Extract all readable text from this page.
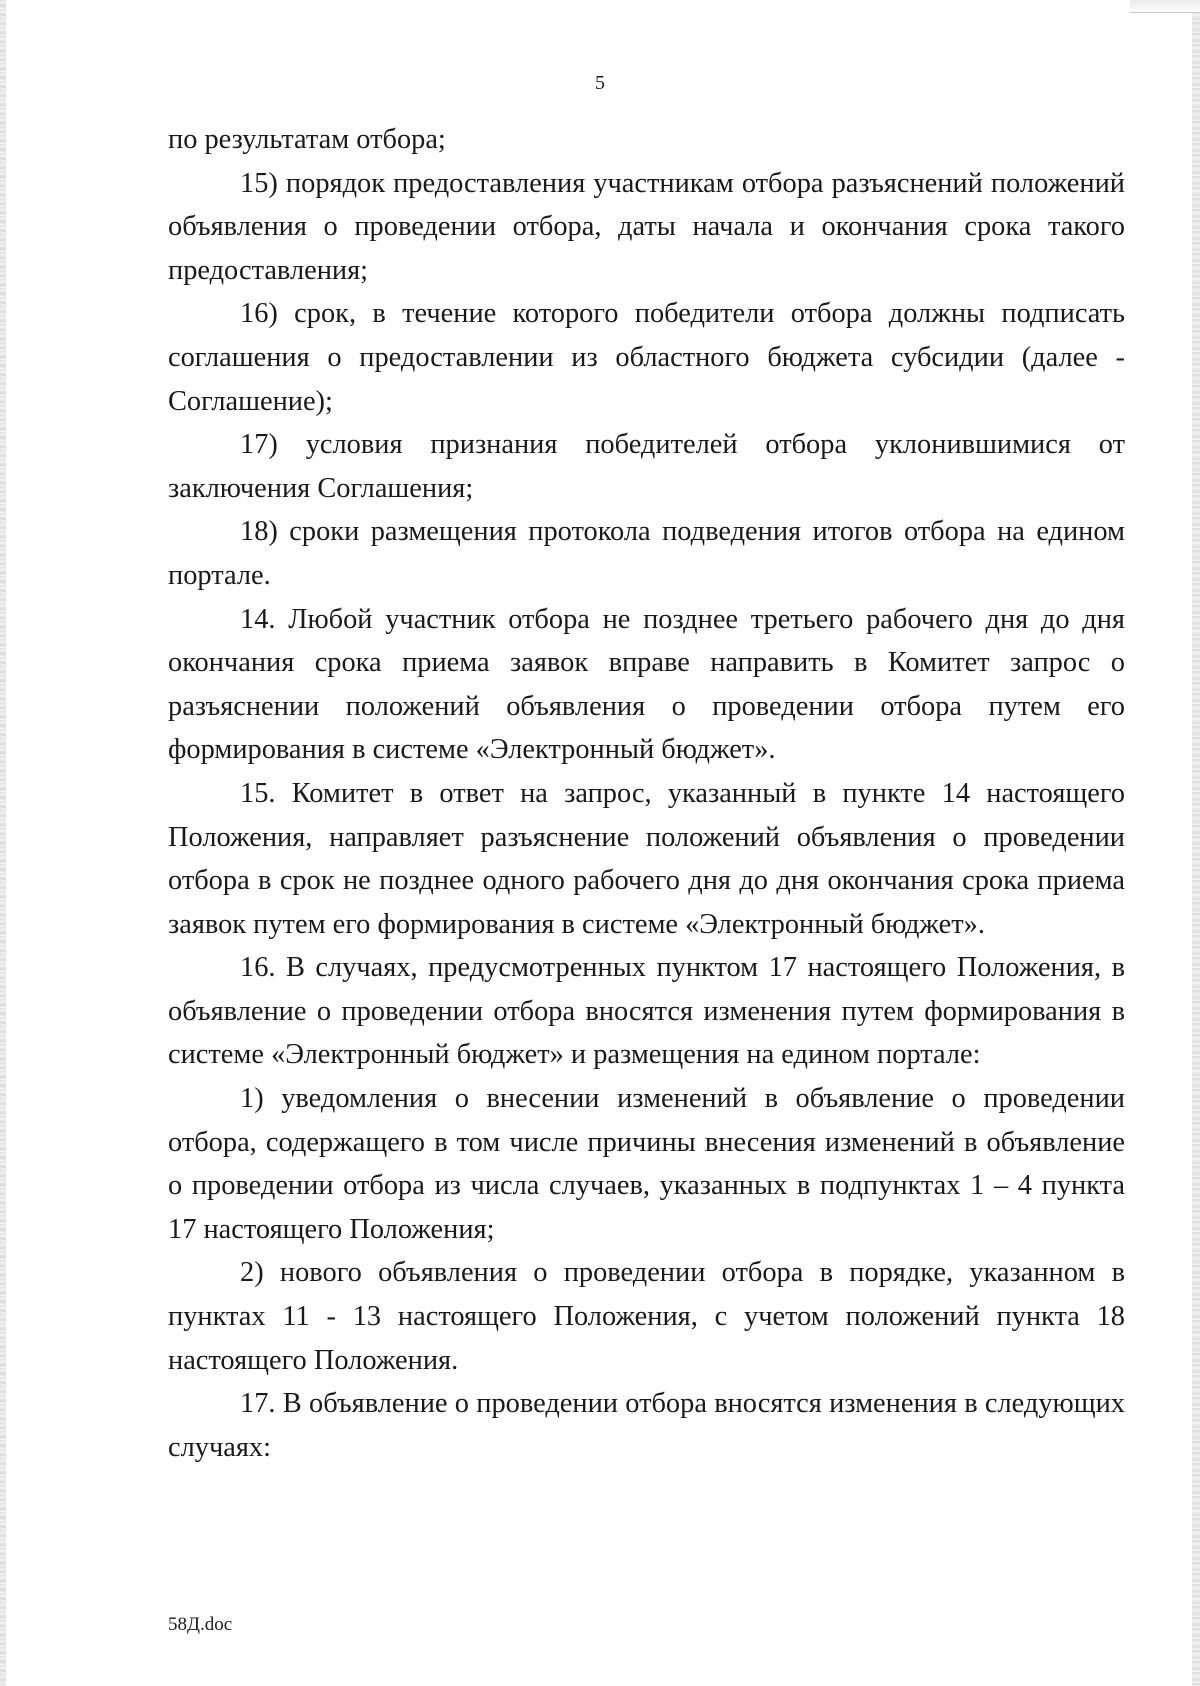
5

по результатам отбора;

15) порядок предоставления участникам отбора разъяснений положений объявления о проведении отбора, даты начала и окончания срока такого предоставления;

16) срок, в течение которого победители отбора должны подписать соглашения о предоставлении из областного бюджета субсидии (далее - Соглашение);

17) условия признания победителей отбора уклонившимися от заключения Соглашения;

18) сроки размещения протокола подведения итогов отбора на едином портале.

14. Любой участник отбора не позднее третьего рабочего дня до дня окончания срока приема заявок вправе направить в Комитет запрос о разъяснении положений объявления о проведении отбора путем его формирования в системе «Электронный бюджет».

15. Комитет в ответ на запрос, указанный в пункте 14 настоящего Положения, направляет разъяснение положений объявления о проведении отбора в срок не позднее одного рабочего дня до дня окончания срока приема заявок путем его формирования в системе «Электронный бюджет».

16. В случаях, предусмотренных пунктом 17 настоящего Положения, в объявление о проведении отбора вносятся изменения путем формирования в системе «Электронный бюджет» и размещения на едином портале:

1) уведомления о внесении изменений в объявление о проведении отбора, содержащего в том числе причины внесения изменений в объявление о проведении отбора из числа случаев, указанных в подпунктах 1 – 4 пункта 17 настоящего Положения;

2) нового объявления о проведении отбора в порядке, указанном в пунктах 11 - 13 настоящего Положения, с учетом положений пункта 18 настоящего Положения.

17. В объявление о проведении отбора вносятся изменения в следующих случаях:

58Д.doc
